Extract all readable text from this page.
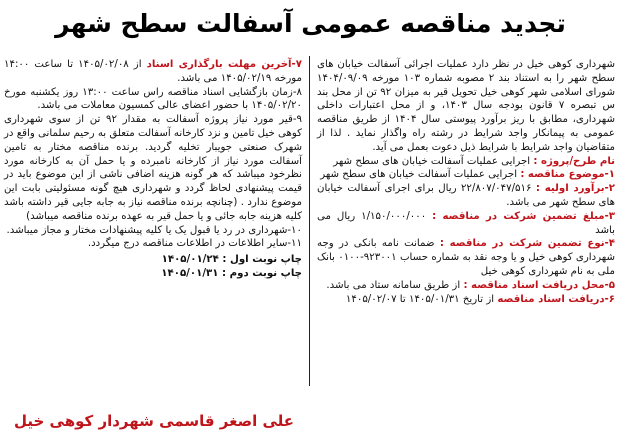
تجدید مناقصه عمومی آسفالت سطح شهر

شهرداری کوهی خیل در نظر دارد عملیات اجرائی آسفالت خیابان های سطح شهر را به استناد بند ۲ مصوبه شماره ۱۰۳ مورخه ۱۴۰۴/۰۹/۰۹ شورای اسلامی شهر کوهی خیل تحویل قیر به میزان ۹۲ تن از محل بند س تبصره ۷ قانون بودجه سال ۱۴۰۳، و از محل اعتبارات داخلی شهرداری، مطابق با ریز برآورد پیوستی سال ۱۴۰۴ از طریق مناقصه عمومی به پیمانکار واجد شرایط در رشته راه واگذار نماید . لذا از متقاضیان واجد شرایط با شرایط ذیل دعوت بعمل می آید.

نام طرح/پروژه : اجرایی عملیات آسفالت خیابان های سطح شهر

۱-موضوع مناقصه : اجرایی عملیات آسفالت خیابان های سطح شهر

۲-برآورد اولیه : ۲۲/۸۰۷/۰۴۷/۵۱۶ ریال برای اجرای آسفالت خیابان های سطح شهر می باشد.

۳-مبلغ تضمین شرکت در مناقصه : ۱/۱۵۰/۰۰۰/۰۰۰ ریال می باشد

۴-نوع تضمین شرکت در مناقصه : ضمانت نامه بانکی در وجه شهرداری کوهی خیل و یا وجه نقد به شماره حساب ۹۲۳۰۰۱-۰۱۰۰ بانک ملی به نام شهرداری کوهی خیل

۵-محل دریافت اسناد مناقصه : از طریق سامانه ستاد می باشد.

۶-دریافت اسناد مناقصه از تاریخ ۱۴۰۵/۰۱/۳۱ تا ۱۴۰۵/۰۲/۰۷

۷-آخرین مهلت بارگذاری اسناد از ۱۴۰۵/۰۲/۰۸ تا ساعت ۱۴:۰۰ مورخه ۱۴۰۵/۰۲/۱۹ می باشد.

۸-زمان بازگشایی اسناد مناقصه راس ساعت ۱۳:۰۰ روز یکشنبه مورخ ۱۴۰۵/۰۲/۲۰ با حضور اعضای عالی کمسیون معاملات می باشد.

۹-قیر مورد نیاز پروژه آسفالت به مقدار ۹۲ تن از سوی شهرداری کوهی خیل تامین و نزد کارخانه آسفالت متعلق به رحیم سلمانی واقع در شهرک صنعتی جویبار تخلیه گردید. برنده مناقصه مختار به تامین آسفالت مورد نیاز از کارخانه نامبرده و یا حمل آن به کارخانه مورد نظرخود میباشد که هر گونه هزینه اضافی ناشی از این موضوع باید در قیمت پیشنهادی لحاظ گردد و شهرداری هیچ گونه مسئولیتی بابت این موضوع ندارد . (چنانچه برنده مناقصه نیاز به جابه جایی قیر داشته باشد کلیه هزینه جابه جائی و یا حمل قیر به عهده برنده مناقصه میباشد)

۱۰-شهرداری در رد یا قبول یک یا کلیه پیشنهادات مختار و مجاز میباشد.

۱۱-سایر اطلاعات در اطلاعات مناقصه درج میگردد.

چاپ نوبت اول : ۱۴۰۵/۰۱/۲۴
چاپ نوبت دوم : ۱۴۰۵/۰۱/۳۱
علی اصغر قاسمی شهردار کوهی خیل
